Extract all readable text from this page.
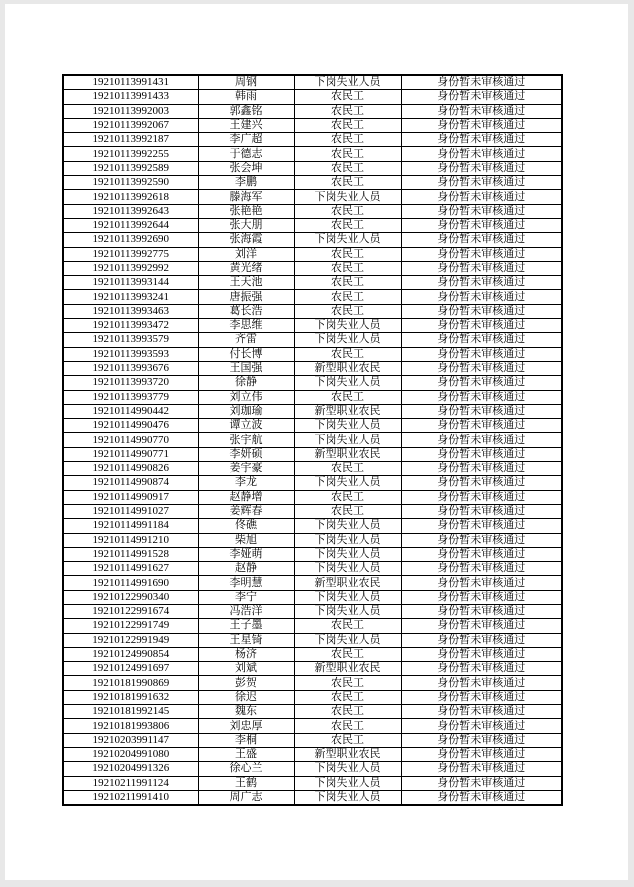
19210113991431	周钢	下岗失业人员	身份暂未审核通过
19210113991433	韩雨	农民工	身份暂未审核通过
19210113992003	郭鑫铭	农民工	身份暂未审核通过
19210113992067	王建兴	农民工	身份暂未审核通过
19210113992187	李广超	农民工	身份暂未审核通过
19210113992255	于德志	农民工	身份暂未审核通过
19210113992589	张会坤	农民工	身份暂未审核通过
19210113992590	李鹏	农民工	身份暂未审核通过
19210113992618	滕海军	下岗失业人员	身份暂未审核通过
19210113992643	张艳艳	农民工	身份暂未审核通过
19210113992644	张大朋	农民工	身份暂未审核通过
19210113992690	张海霞	下岗失业人员	身份暂未审核通过
19210113992775	刘洋	农民工	身份暂未审核通过
19210113992992	黄光绪	农民工	身份暂未审核通过
19210113993144	王天池	农民工	身份暂未审核通过
19210113993241	唐振强	农民工	身份暂未审核通过
19210113993463	葛长浩	农民工	身份暂未审核通过
19210113993472	李思维	下岗失业人员	身份暂未审核通过
19210113993579	齐雷	下岗失业人员	身份暂未审核通过
19210113993593	付长博	农民工	身份暂未审核通过
19210113993676	王国强	新型职业农民	身份暂未审核通过
19210113993720	徐静	下岗失业人员	身份暂未审核通过
19210113993779	刘立伟	农民工	身份暂未审核通过
19210114990442	刘珈瑜	新型职业农民	身份暂未审核通过
19210114990476	谭立波	下岗失业人员	身份暂未审核通过
19210114990770	张宇航	下岗失业人员	身份暂未审核通过
19210114990771	李妍硕	新型职业农民	身份暂未审核通过
19210114990826	姜宇豪	农民工	身份暂未审核通过
19210114990874	李龙	下岗失业人员	身份暂未审核通过
19210114990917	赵静增	农民工	身份暂未审核通过
19210114991027	姜辉春	农民工	身份暂未审核通过
19210114991184	佟礁	下岗失业人员	身份暂未审核通过
19210114991210	柴旭	下岗失业人员	身份暂未审核通过
19210114991528	李娅萌	下岗失业人员	身份暂未审核通过
19210114991627	赵静	下岗失业人员	身份暂未审核通过
19210114991690	李明慧	新型职业农民	身份暂未审核通过
19210122990340	李宁	下岗失业人员	身份暂未审核通过
19210122991674	冯浩洋	下岗失业人员	身份暂未审核通过
19210122991749	王子墨	农民工	身份暂未审核通过
19210122991949	王星锜	下岗失业人员	身份暂未审核通过
19210124990854	杨济	农民工	身份暂未审核通过
19210124991697	刘斌	新型职业农民	身份暂未审核通过
19210181990869	彭贺	农民工	身份暂未审核通过
19210181991632	徐迟	农民工	身份暂未审核通过
19210181992145	魏东	农民工	身份暂未审核通过
19210181993806	刘忠厚	农民工	身份暂未审核通过
19210203991147	李桐	农民工	身份暂未审核通过
19210204991080	王盛	新型职业农民	身份暂未审核通过
19210204991326	徐心兰	下岗失业人员	身份暂未审核通过
19210211991124	王鹤	下岗失业人员	身份暂未审核通过
19210211991410	周广志	下岗失业人员	身份暂未审核通过
